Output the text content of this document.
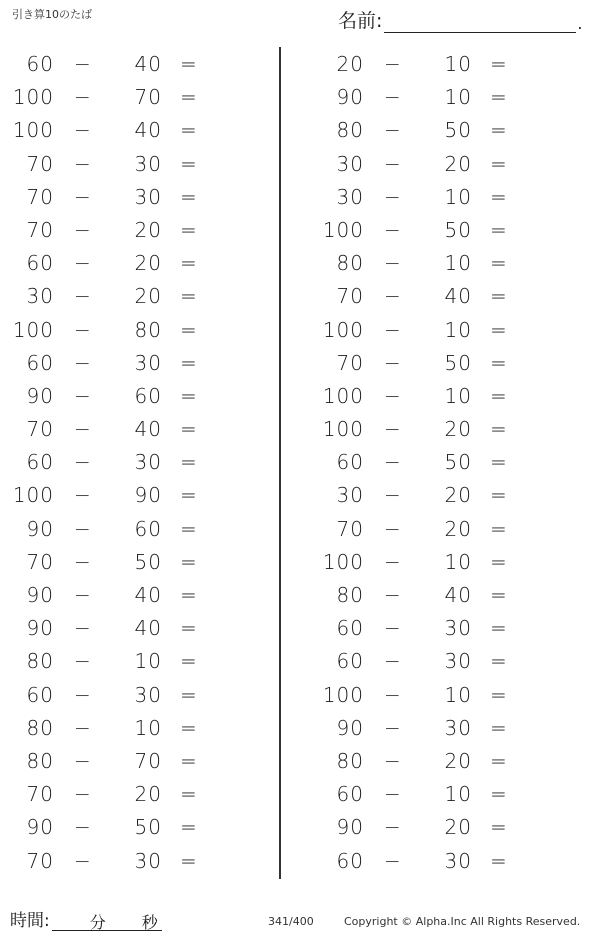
引き算10のたば	名前:	.
60 −	40 =
100 −	70 =
100 −	40 =
70 −	30 =
70 −	30 =
70 −	20 =
60 −	20 =
30 −	20 =
100 −	80 =
60 −	30 =
90 −	60 =
70 −	40 =
60 −	30 =
100 −	90 =
90 −	60 =
70 −	50 =
90 −	40 =
90 −	40 =
80 −	10 =
60 −	30 =
80 −	10 =
80 −	70 =
70 −	20 =
90 −	50 =
70 −	30 =
20 −	10 =
90 −	10 =
80 −	50 =
30 −	20 =
30 −	10 =
100 −	50 =
80 −	10 =
70 −	40 =
100 −	10 =
70 −	50 =
100 −	10 =
100 −	20 =
60 −	50 =
30 −	20 =
70 −	20 =
100 −	10 =
80 −	40 =
60 −	30 =
60 −	30 =
100 −	10 =
90 −	30 =
80 −	20 =
60 −	10 =
90 −	20 =
60 −	30 =
時間:	分 秒	341/400	Copyright © Alpha.Inc All Rights Reserved.
